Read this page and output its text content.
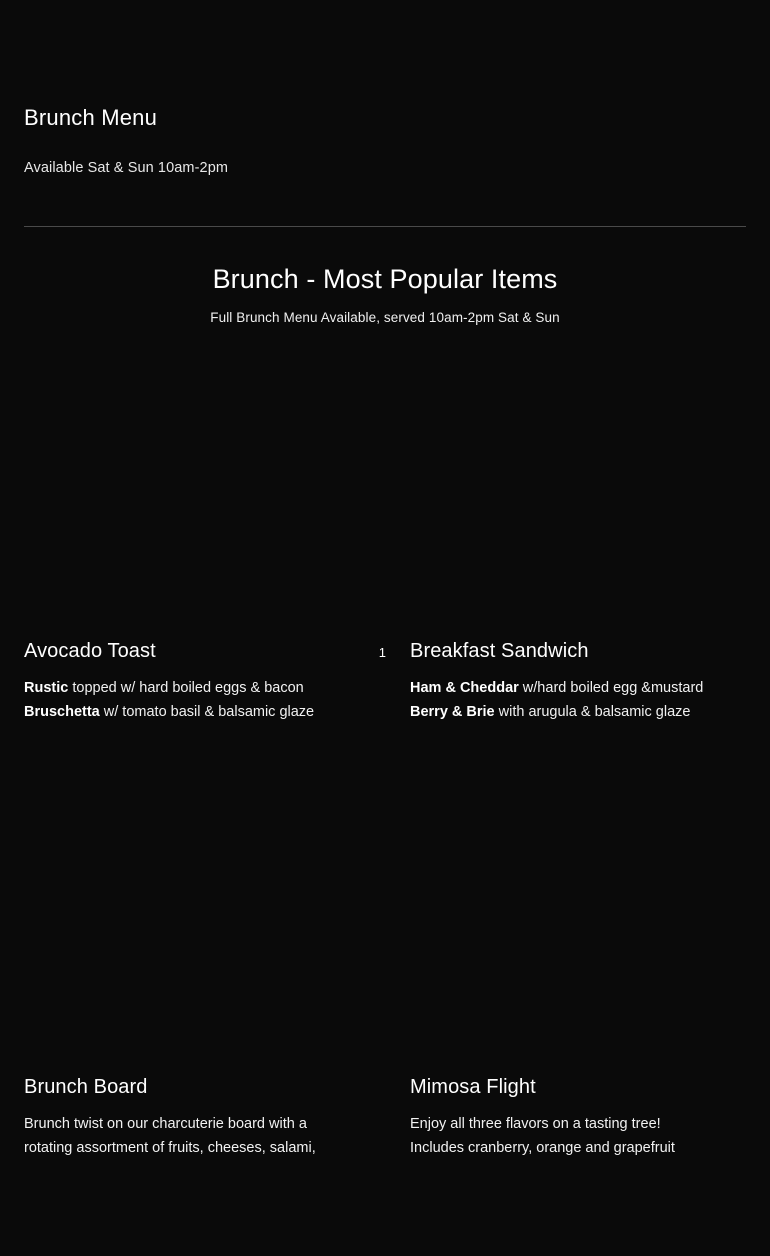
Brunch Menu
Available Sat & Sun 10am-2pm
Brunch - Most Popular Items
Full Brunch Menu Available, served 10am-2pm Sat & Sun
Avocado Toast	1
Rustic topped w/ hard boiled eggs & bacon
Bruschetta w/ tomato basil & balsamic glaze
Breakfast Sandwich
Ham & Cheddar w/hard boiled egg &mustard
Berry & Brie with arugula & balsamic glaze
Brunch Board
Brunch twist on our charcuterie board with a
rotating assortment of fruits, cheeses, salami,
Mimosa Flight
Enjoy all three flavors on a tasting tree!
Includes cranberry, orange and grapefruit
